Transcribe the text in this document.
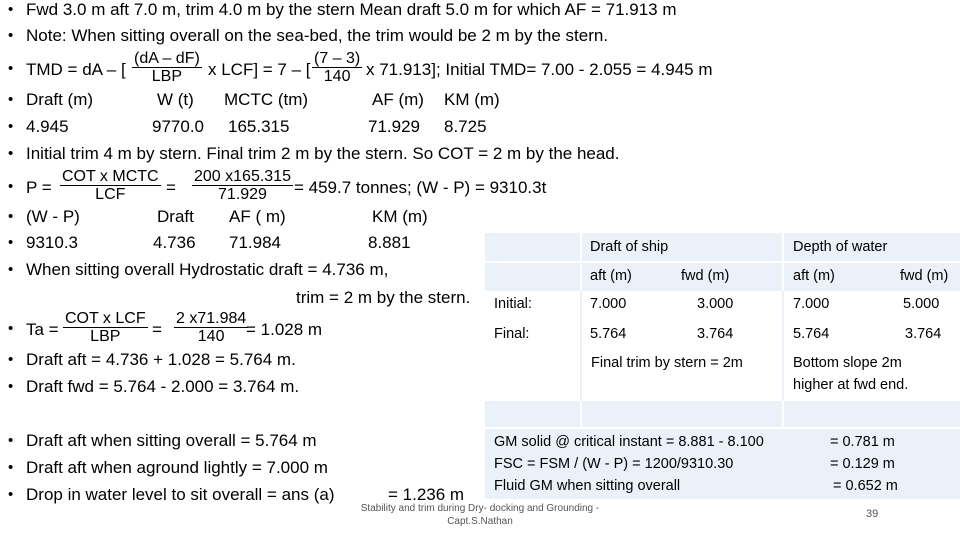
• Fwd 3.0 m aft 7.0 m, trim 4.0 m by the stern Mean draft 5.0 m for which AF = 71.913 m
• Note: When sitting overall on the sea-bed, the trim would be 2 m by the stern.
• TMD = dA – [
(dA – dF)
LBP x LCF] = 7 – [ $\frac{(7 - 3)}{140}$ x 71.913]; Initial TMD= 7.00 - 2.055 = 4.945 m
• Draft (m)	W (t) MCTC (tm)	AF (m) KM (m)
• 4.945	9770.0 165.315	71.929 8.725
• Initial trim 4 m by stern. Final trim 2 m by the stern. So COT = 2 m by the head.
• P =
COT x MCTC
LCF = $\frac{200 x165.315}{71.929} = 459.7$ tonnes; (W - P) = 9310.3t
• (W - P)	Draft AF ( m)	KM (m)
• 9310.3	4.736 71.984	8.881
• When sitting overall Hydrostatic draft = 4.736 m,
trim = 2 m by the stern.
• Ta =
COT x LCF
LBP = $\frac{2 x71.984}{140}$
= 1.028 m
• Draft aft = 4.736 + 1.028 = 5.764 m.
• Draft fwd = 5.764 - 2.000 = 3.764 m.
• Draft aft when sitting overall = 5.764 m
• Draft aft when aground lightly = 7.000 m
• Drop in water level to sit overall = ans (a)	= 1.236 m
Draft of ship	Depth of water
aft (m)	fwd (m)	aft (m)	fwd (m)
Initial:	7.000	3.000	7.000	5.000
Final:	5.764	3.764	5.764	3.764
Final trim by stern = 2m	Bottom slope 2m
higher at fwd end.
GM solid @ critical instant = 8.881 - 8.100	= 0.781 m
FSC = FSM / (W - P) = 1200/9310.30	= 0.129 m
Fluid GM when sitting overall	= 0.652 m
Stability and trim during Dry- docking and Grounding -
Capt.S.Nathan
39
